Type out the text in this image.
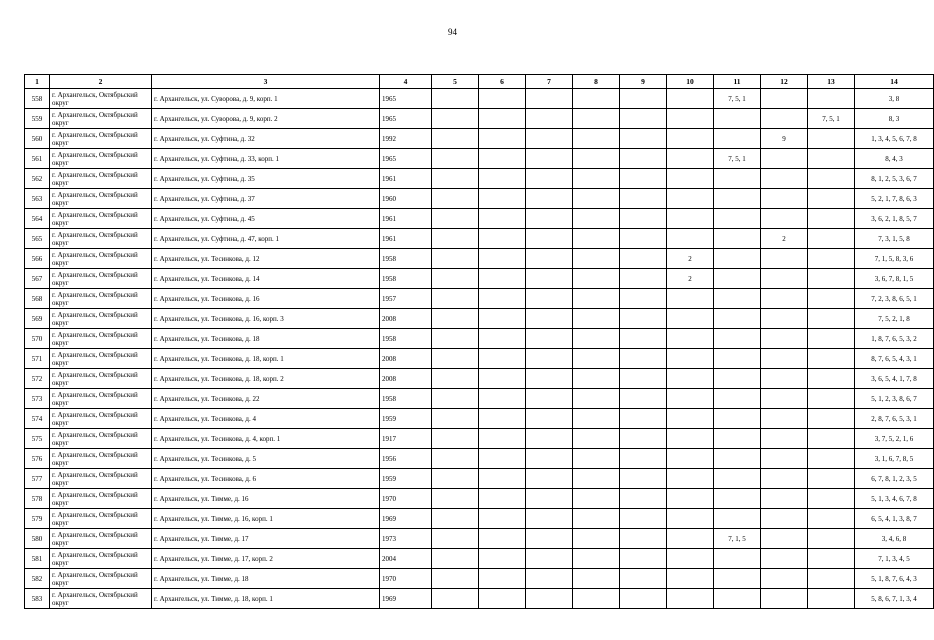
94
1	2	3	4	5	6	7	8	9	10	11	12	13	14
558	г. Архангельск, Октябрьский округ	г. Архангельск, ул. Суворова, д. 9, корп. 1	1965							7, 5, 1			3, 8
559	г. Архангельск, Октябрьский округ	г. Архангельск, ул. Суворова, д. 9, корп. 2	1965									7, 5, 1	8, 3
560	г. Архангельск, Октябрьский округ	г. Архангельск, ул. Суфтина, д. 32	1992								9		1, 3, 4, 5, 6, 7, 8
561	г. Архангельск, Октябрьский округ	г. Архангельск, ул. Суфтина, д. 33, корп. 1	1965							7, 5, 1			8, 4, 3
562	г. Архангельск, Октябрьский округ	г. Архангельск, ул. Суфтина, д. 35	1961										8, 1, 2, 5, 3, 6, 7
563	г. Архангельск, Октябрьский округ	г. Архангельск, ул. Суфтина, д. 37	1960										5, 2, 1, 7, 8, 6, 3
564	г. Архангельск, Октябрьский округ	г. Архангельск, ул. Суфтина, д. 45	1961										3, 6, 2, 1, 8, 5, 7
565	г. Архангельск, Октябрьский округ	г. Архангельск, ул. Суфтина, д. 47, корп. 1	1961								2		7, 3, 1, 5, 8
566	г. Архангельск, Октябрьский округ	г. Архангельск, ул. Тесинкова, д. 12	1958						2				7, 1, 5, 8, 3, 6
567	г. Архангельск, Октябрьский округ	г. Архангельск, ул. Тесинкова, д. 14	1958						2				3, 6, 7, 8, 1, 5
568	г. Архангельск, Октябрьский округ	г. Архангельск, ул. Тесинкова, д. 16	1957										7, 2, 3, 8, 6, 5, 1
569	г. Архангельск, Октябрьский округ	г. Архангельск, ул. Тесинкова, д. 16, корп. 3	2008										7, 5, 2, 1, 8
570	г. Архангельск, Октябрьский округ	г. Архангельск, ул. Тесинкова, д. 18	1958										1, 8, 7, 6, 5, 3, 2
571	г. Архангельск, Октябрьский округ	г. Архангельск, ул. Тесинкова, д. 18, корп. 1	2008										8, 7, 6, 5, 4, 3, 1
572	г. Архангельск, Октябрьский округ	г. Архангельск, ул. Тесинкова, д. 18, корп. 2	2008										3, 6, 5, 4, 1, 7, 8
573	г. Архангельск, Октябрьский округ	г. Архангельск, ул. Тесинкова, д. 22	1958										5, 1, 2, 3, 8, 6, 7
574	г. Архангельск, Октябрьский округ	г. Архангельск, ул. Тесинкова, д. 4	1959										2, 8, 7, 6, 5, 3, 1
575	г. Архангельск, Октябрьский округ	г. Архангельск, ул. Тесинкова, д. 4, корп. 1	1917										3, 7, 5, 2, 1, 6
576	г. Архангельск, Октябрьский округ	г. Архангельск, ул. Тесинкова, д. 5	1956										3, 1, 6, 7, 8, 5
577	г. Архангельск, Октябрьский округ	г. Архангельск, ул. Тесинкова, д. 6	1959										6, 7, 8, 1, 2, 3, 5
578	г. Архангельск, Октябрьский округ	г. Архангельск, ул. Тимме, д. 16	1970										5, 1, 3, 4, 6, 7, 8
579	г. Архангельск, Октябрьский округ	г. Архангельск, ул. Тимме, д. 16, корп. 1	1969										6, 5, 4, 1, 3, 8, 7
580	г. Архангельск, Октябрьский округ	г. Архангельск, ул. Тимме, д. 17	1973							7, 1, 5			3, 4, 6, 8
581	г. Архангельск, Октябрьский округ	г. Архангельск, ул. Тимме, д. 17, корп. 2	2004										7, 1, 3, 4, 5
582	г. Архангельск, Октябрьский округ	г. Архангельск, ул. Тимме, д. 18	1970										5, 1, 8, 7, 6, 4, 3
583	г. Архангельск, Октябрьский округ	г. Архангельск, ул. Тимме, д. 18, корп. 1	1969										5, 8, 6, 7, 1, 3, 4
